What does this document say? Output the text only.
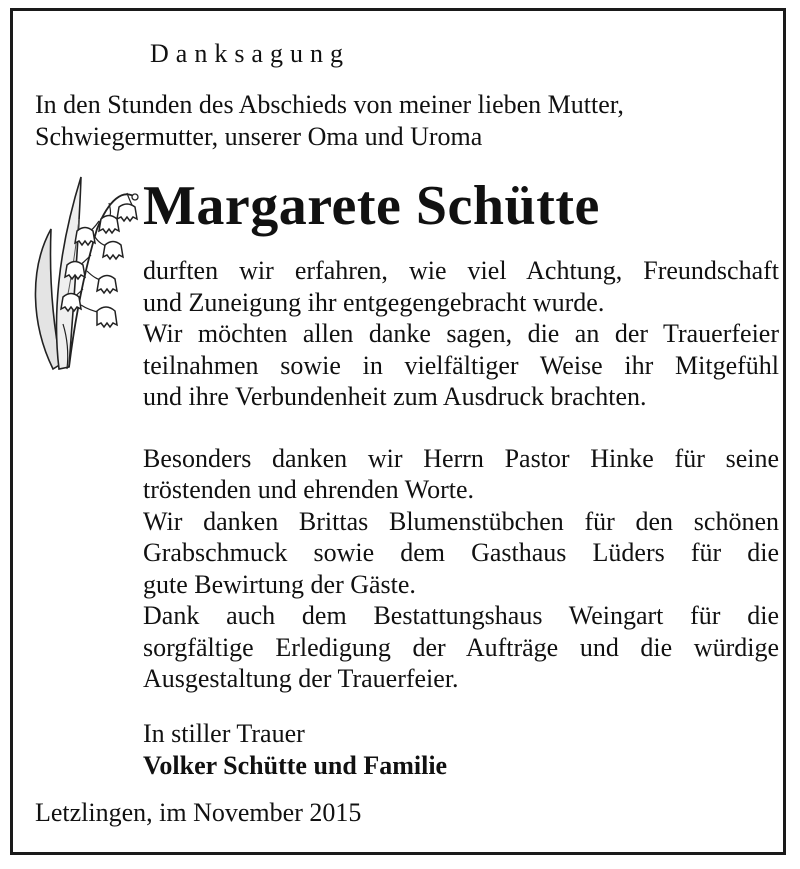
Danksagung
In den Stunden des Abschieds von meiner lieben Mutter,
Schwiegermutter, unserer Oma und Uroma
Margarete Schütte
durften wir erfahren, wie viel Achtung, Freundschaft
und Zuneigung ihr entgegengebracht wurde.
Wir möchten allen danke sagen, die an der Trauerfeier
teilnahmen sowie in vielfältiger Weise ihr Mitgefühl
und ihre Verbundenheit zum Ausdruck brachten.
Besonders danken wir Herrn Pastor Hinke für seine
tröstenden und ehrenden Worte.
Wir danken Brittas Blumenstübchen für den schönen
Grabschmuck sowie dem Gasthaus Lüders für die
gute Bewirtung der Gäste.
Dank auch dem Bestattungshaus Weingart für die
sorgfältige Erledigung der Aufträge und die würdige
Ausgestaltung der Trauerfeier.
In stiller Trauer
Volker Schütte und Familie
Letzlingen, im November 2015
